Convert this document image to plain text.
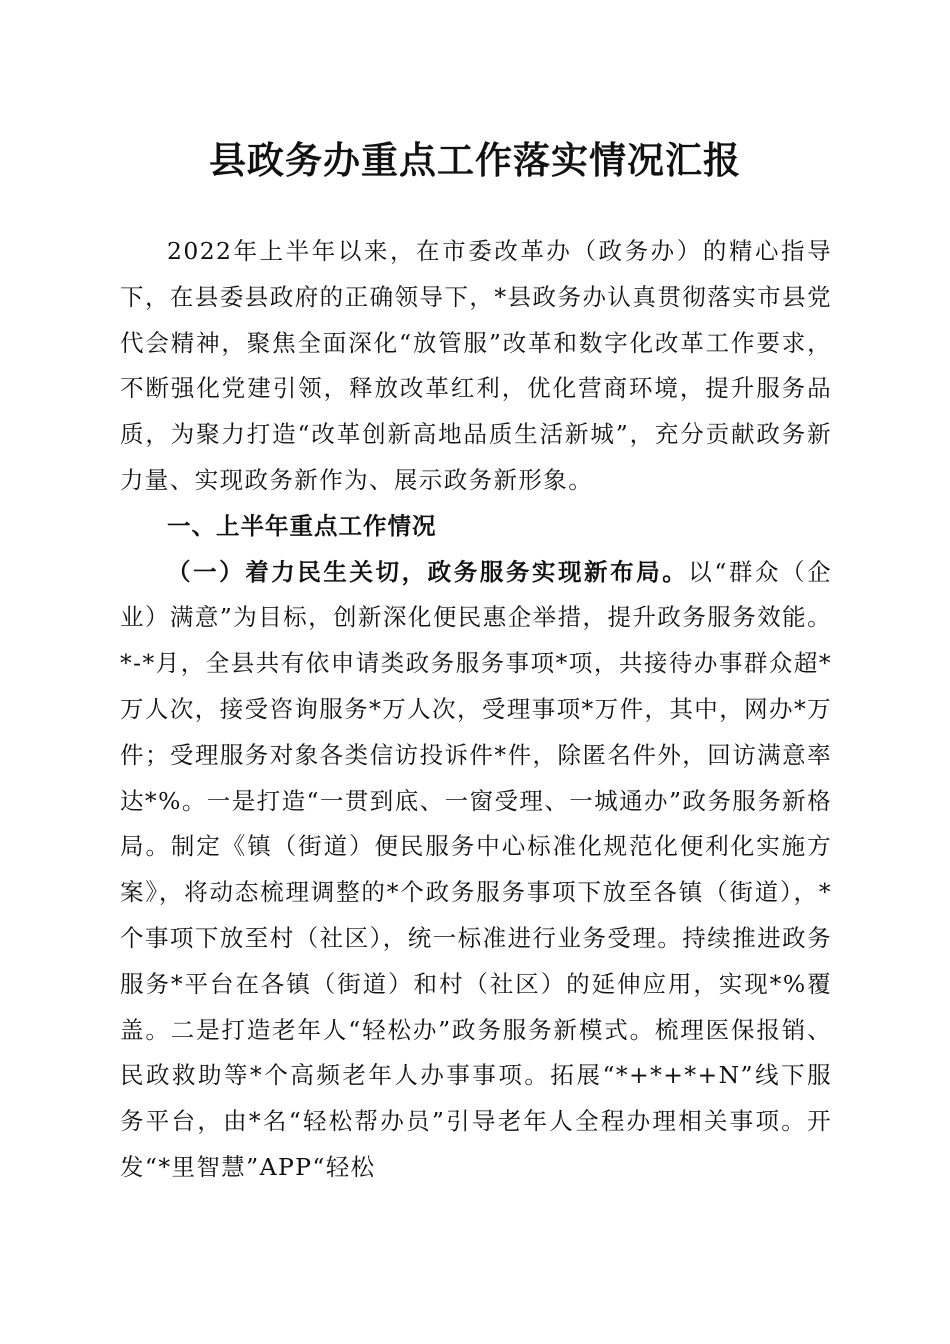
县政务办重点工作落实情况汇报

2022年上半年以来，在市委改革办（政务办）的精心指导下，在县委县政府的正确领导下，*县政务办认真贯彻落实市县党代会精神，聚焦全面深化“放管服”改革和数字化改革工作要求，不断强化党建引领，释放改革红利，优化营商环境，提升服务品质，为聚力打造“改革创新高地品质生活新城”，充分贡献政务新力量、实现政务新作为、展示政务新形象。

一、上半年重点工作情况

（一）着力民生关切，政务服务实现新布局。以“群众（企业）满意”为目标，创新深化便民惠企举措，提升政务服务效能。*-*月，全县共有依申请类政务服务事项*项，共接待办事群众超*万人次，接受咨询服务*万人次，受理事项*万件，其中，网办*万件；受理服务对象各类信访投诉件*件，除匿名件外，回访满意率达*%。一是打造“一贯到底、一窗受理、一城通办”政务服务新格局。制定《镇（街道）便民服务中心标准化规范化便利化实施方案》，将动态梳理调整的*个政务服务事项下放至各镇（街道），*个事项下放至村（社区），统一标准进行业务受理。持续推进政务服务*平台在各镇（街道）和村（社区）的延伸应用，实现*%覆盖。二是打造老年人“轻松办”政务服务新模式。梳理医保报销、民政救助等*个高频老年人办事事项。拓展“*+*+*+N”线下服务平台，由*名“轻松帮办员”引导老年人全程办理相关事项。开发“*里智慧”APP“轻松
